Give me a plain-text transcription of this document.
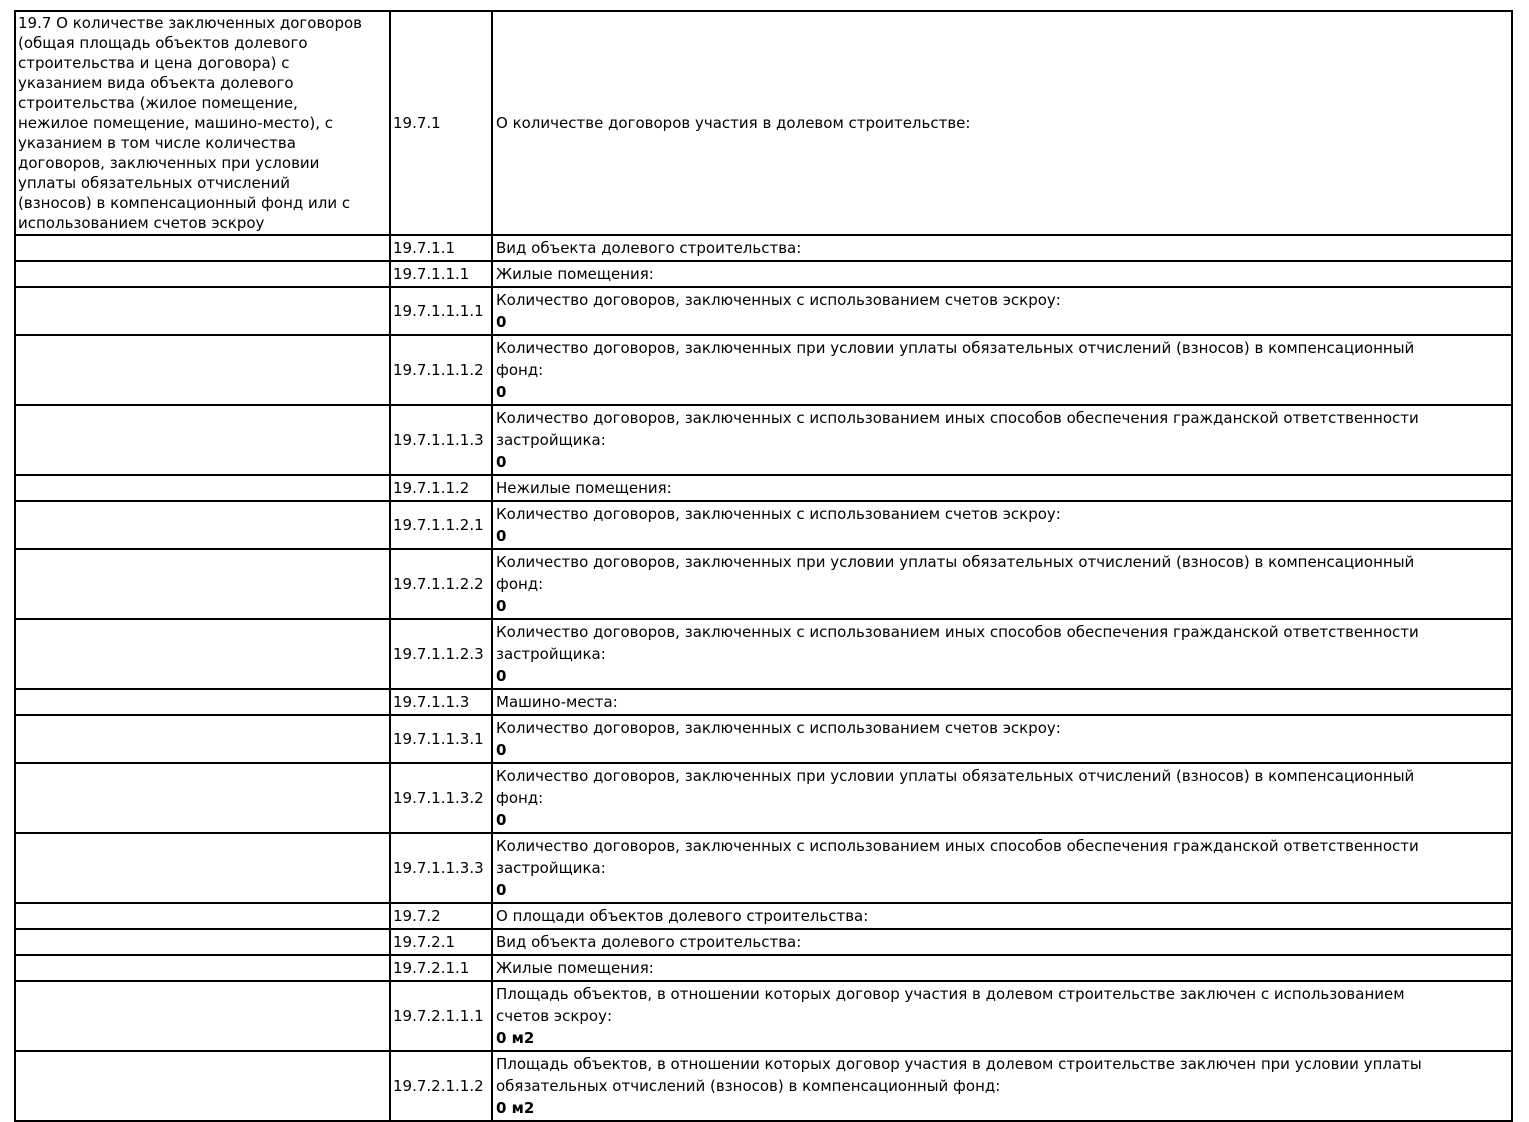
19.7 О количестве заключенных договоров
(общая площадь объектов долевого
строительства и цена договора) с
указанием вида объекта долевого
строительства (жилое помещение,
нежилое помещение, машино-место), с
указанием в том числе количества
договоров, заключенных при условии
уплаты обязательных отчислений
(взносов) в компенсационный фонд или с
использованием счетов эскроу	19.7.1	О количестве договоров участия в долевом строительстве:
	19.7.1.1	Вид объекта долевого строительства:
	19.7.1.1.1	Жилые помещения:
	19.7.1.1.1.1	Количество договоров, заключенных с использованием счетов эскроу:
0

	19.7.1.1.1.2	Количество договоров, заключенных при условии уплаты обязательных отчислений (взносов) в компенсационный
фонд:
0

	19.7.1.1.1.3	Количество договоров, заключенных с использованием иных способов обеспечения гражданской ответственности
застройщика:
0

	19.7.1.1.2	Нежилые помещения:
	19.7.1.1.2.1	Количество договоров, заключенных с использованием счетов эскроу:
0

	19.7.1.1.2.2	Количество договоров, заключенных при условии уплаты обязательных отчислений (взносов) в компенсационный
фонд:
0

	19.7.1.1.2.3	Количество договоров, заключенных с использованием иных способов обеспечения гражданской ответственности
застройщика:
0

	19.7.1.1.3	Машино-места:
	19.7.1.1.3.1	Количество договоров, заключенных с использованием счетов эскроу:
0

	19.7.1.1.3.2	Количество договоров, заключенных при условии уплаты обязательных отчислений (взносов) в компенсационный
фонд:
0

	19.7.1.1.3.3	Количество договоров, заключенных с использованием иных способов обеспечения гражданской ответственности
застройщика:
0

	19.7.2	О площади объектов долевого строительства:
	19.7.2.1	Вид объекта долевого строительства:
	19.7.2.1.1	Жилые помещения:
	19.7.2.1.1.1	Площадь объектов, в отношении которых договор участия в долевом строительстве заключен с использованием
счетов эскроу:
0 м2

	19.7.2.1.1.2	Площадь объектов, в отношении которых договор участия в долевом строительстве заключен при условии уплаты
обязательных отчислений (взносов) в компенсационный фонд:
0 м2
